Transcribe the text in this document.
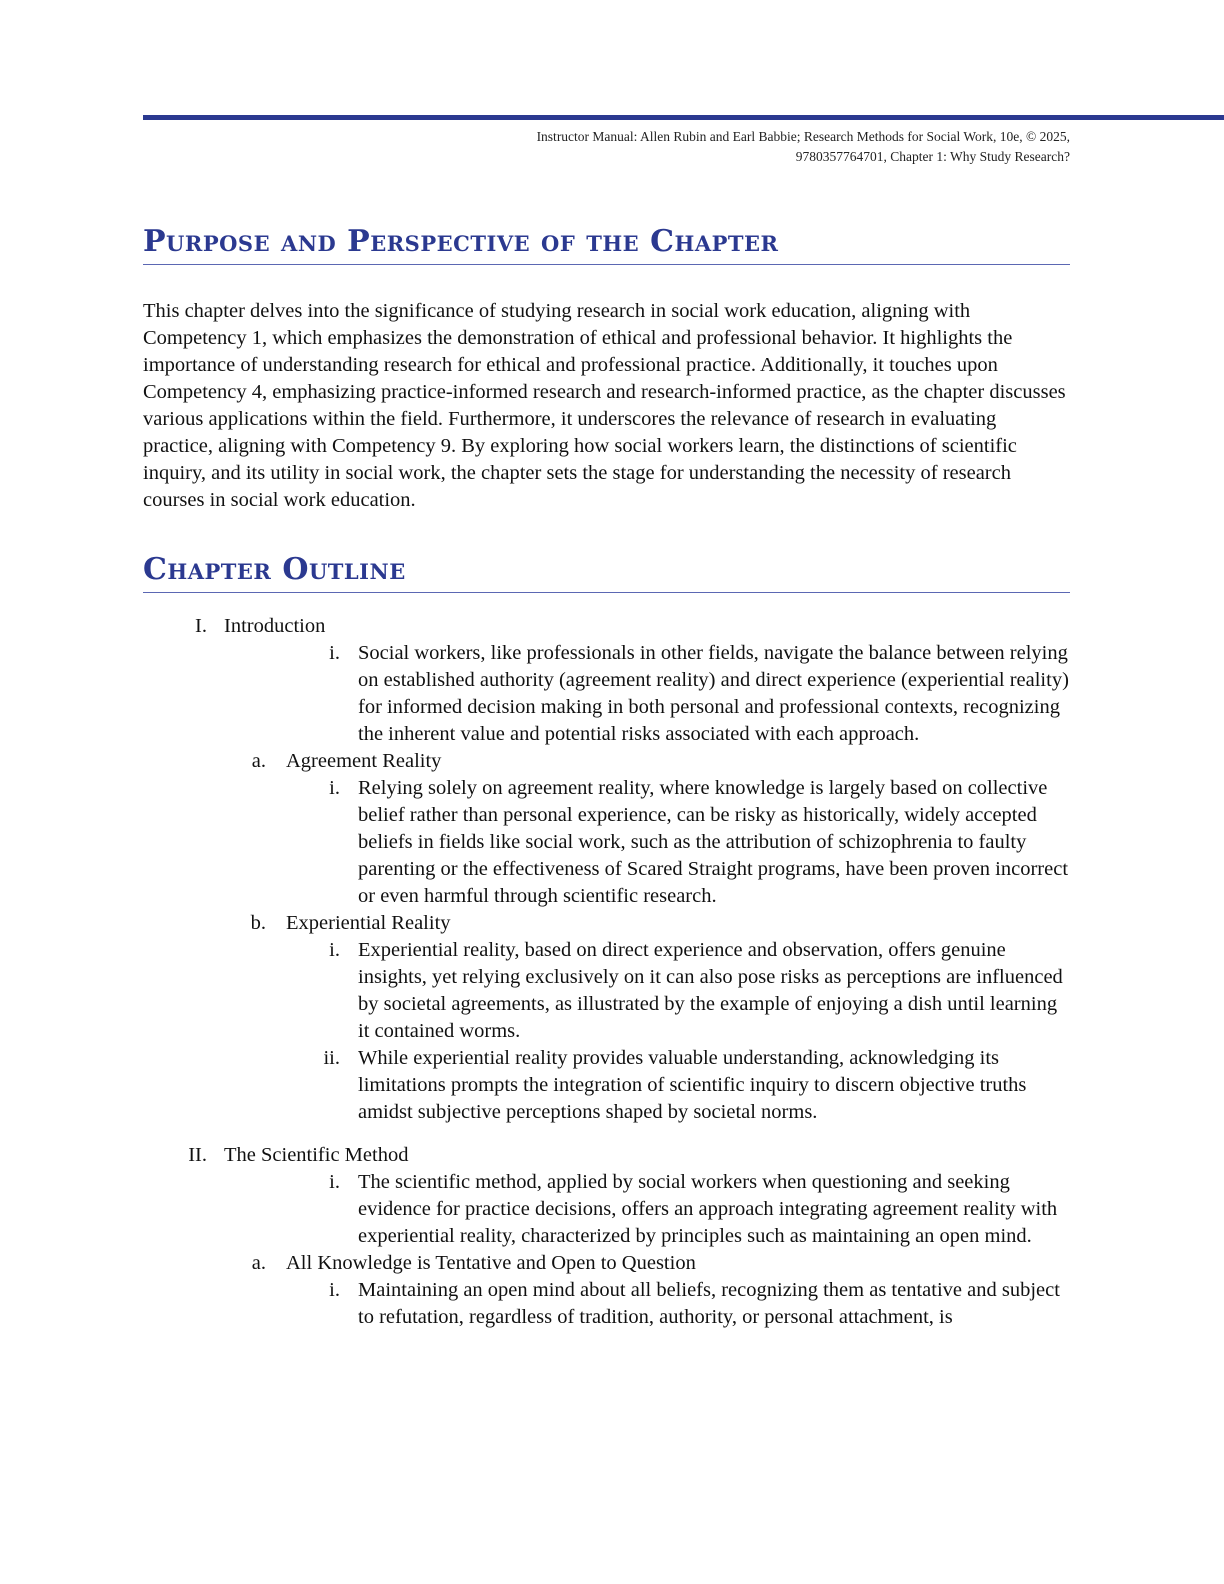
Instructor Manual: Allen Rubin and Earl Babbie; Research Methods for Social Work, 10e, © 2025,
9780357764701, Chapter 1: Why Study Research?
Purpose and Perspective of the Chapter

This chapter delves into the significance of studying research in social work education, aligning with Competency 1, which emphasizes the demonstration of ethical and professional behavior. It highlights the importance of understanding research for ethical and professional practice. Additionally, it touches upon Competency 4, emphasizing practice-informed research and research-informed practice, as the chapter discusses various applications within the field. Furthermore, it underscores the relevance of research in evaluating practice, aligning with Competency 9. By exploring how social workers learn, the distinctions of scientific inquiry, and its utility in social work, the chapter sets the stage for understanding the necessity of research courses in social work education.

Chapter Outline
I. Introduction
i. Social workers, like professionals in other fields, navigate the balance between relying on established authority (agreement reality) and direct experience (experiential reality) for informed decision making in both personal and professional contexts, recognizing the inherent value and potential risks associated with each approach.
a. Agreement Reality
i. Relying solely on agreement reality, where knowledge is largely based on collective belief rather than personal experience, can be risky as historically, widely accepted beliefs in fields like social work, such as the attribution of schizophrenia to faulty parenting or the effectiveness of Scared Straight programs, have been proven incorrect or even harmful through scientific research.
b. Experiential Reality
i. Experiential reality, based on direct experience and observation, offers genuine insights, yet relying exclusively on it can also pose risks as perceptions are influenced by societal agreements, as illustrated by the example of enjoying a dish until learning it contained worms.
ii. While experiential reality provides valuable understanding, acknowledging its limitations prompts the integration of scientific inquiry to discern objective truths amidst subjective perceptions shaped by societal norms.
II. The Scientific Method
i. The scientific method, applied by social workers when questioning and seeking evidence for practice decisions, offers an approach integrating agreement reality with experiential reality, characterized by principles such as maintaining an open mind.
a. All Knowledge is Tentative and Open to Question
i. Maintaining an open mind about all beliefs, recognizing them as tentative and subject to refutation, regardless of tradition, authority, or personal attachment, is
